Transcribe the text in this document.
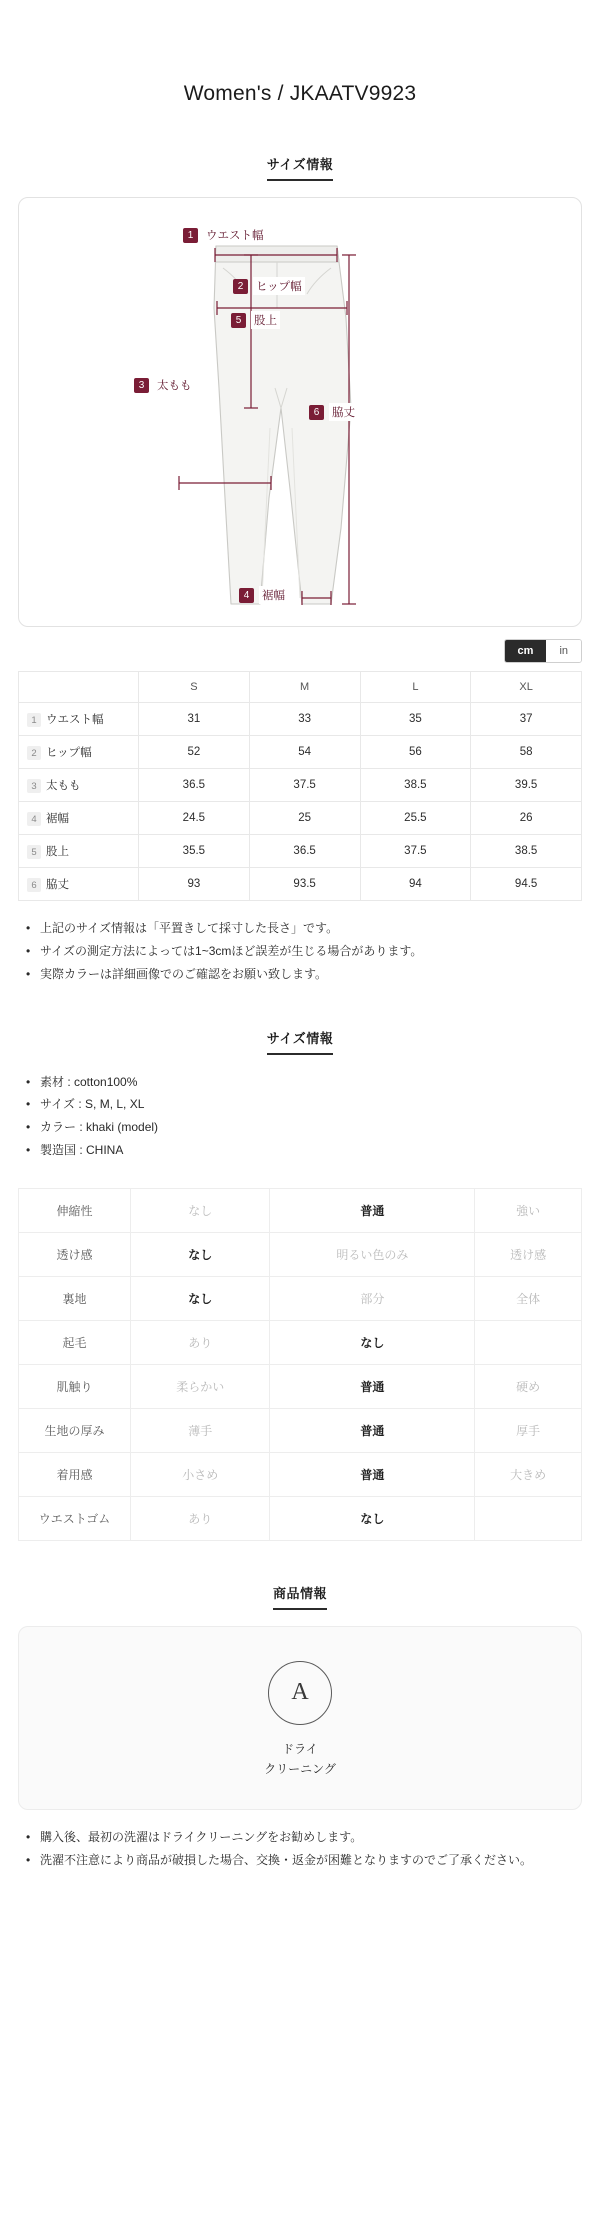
Women's / JKAATV9923
サイズ情報
1	ウエスト幅
2	ヒップ幅
5	股上
3	太もも
6	脇丈
4	裾幅
cm	in
	S	M	L	XL
1 ウエスト幅	31	33	35	37
2 ヒップ幅	52	54	56	58
3 太もも	36.5	37.5	38.5	39.5
4 裾幅	24.5	25	25.5	26
5 股上	35.5	36.5	37.5	38.5
6 脇丈	93	93.5	94	94.5
• 上記のサイズ情報は「平置きして採寸した長さ」です。
• サイズの測定方法によっては1~3cmほど誤差が生じる場合があります。
• 実際カラーは詳細画像でのご確認をお願い致します。
サイズ情報
• 素材 : cotton100%
• サイズ : S, M, L, XL
• カラー : khaki (model)
• 製造国 : CHINA
伸縮性	なし	普通	強い
透け感	なし	明るい色のみ	透け感
裏地	なし	部分	全体
起毛	あり	なし	
肌触り	柔らかい	普通	硬め
生地の厚み	薄手	普通	厚手
着用感	小さめ	普通	大きめ
ウエストゴム	あり	なし	
商品情報
A
ドライ
クリーニング
• 購入後、最初の洗濯はドライクリーニングをお勧めします。
• 洗濯不注意により商品が破損した場合、交換・返金が困難となりますのでご了承ください。
